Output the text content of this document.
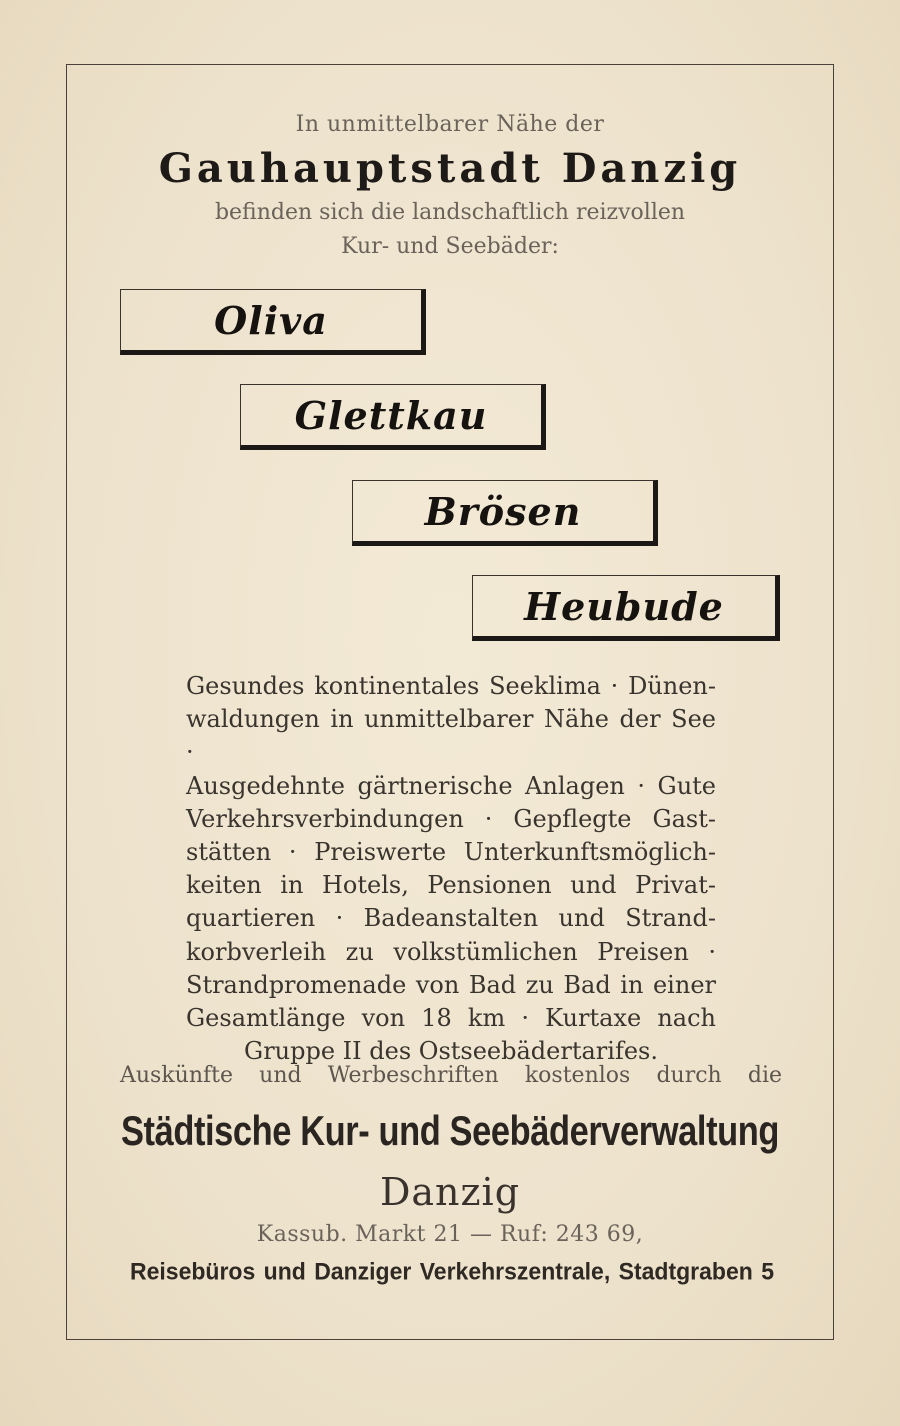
In unmittelbarer Nähe der
Gauhauptstadt Danzig
befinden sich die landschaftlich reizvollen
Kur- und Seebäder:
Oliva
Glettkau
Brösen
Heubude
Gesundes kontinentales Seeklima · Dünen-
waldungen in unmittelbarer Nähe der See ·
Ausgedehnte gärtnerische Anlagen · Gute
Verkehrsverbindungen · Gepflegte Gast-
stätten · Preiswerte Unterkunftsmöglich-
keiten in Hotels, Pensionen und Privat-
quartieren · Badeanstalten und Strand-
korbverleih zu volkstümlichen Preisen ·
Strandpromenade von Bad zu Bad in einer
Gesamtlänge von 18 km · Kurtaxe nach
Gruppe II des Ostseebädertarifes.
Auskünfte und Werbeschriften kostenlos durch die
Städtische Kur- und Seebäderverwaltung
Danzig
Kassub. Markt 21 — Ruf: 243 69,
Reisebüros und Danziger Verkehrszentrale, Stadtgraben 5
